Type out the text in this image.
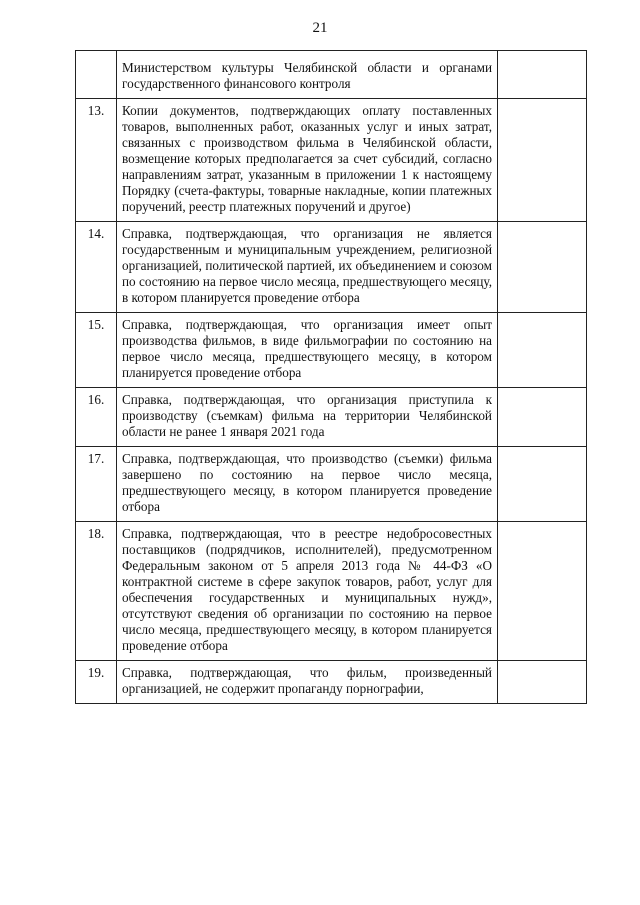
21
	Министерством культуры Челябинской области и органами государственного финансового контроля	
13.	Копии документов, подтверждающих оплату поставленных товаров, выполненных работ, оказанных услуг и иных затрат, связанных с производством фильма в Челябинской области, возмещение которых предполагается за счет субсидий, согласно направлениям затрат, указанным в приложении 1 к настоящему Порядку (счета-фактуры, товарные накладные, копии платежных поручений, реестр платежных поручений и другое)	
14.	Справка, подтверждающая, что организация не является государственным и муниципальным учреждением, религиозной организацией, политической партией, их объединением и союзом по состоянию на первое число месяца, предшествующего месяцу, в котором планируется проведение отбора	
15.	Справка, подтверждающая, что организация имеет опыт производства фильмов, в виде фильмографии по состоянию на первое число месяца, предшествующего месяцу, в котором планируется проведение отбора	
16.	Справка, подтверждающая, что организация приступила к производству (съемкам) фильма на территории Челябинской области не ранее 1 января 2021 года	
17.	Справка, подтверждающая, что производство (съемки) фильма завершено по состоянию на первое число месяца, предшествующего месяцу, в котором планируется проведение отбора	
18.	Справка, подтверждающая, что в реестре недобросовестных поставщиков (подрядчиков, исполнителей), предусмотренном Федеральным законом от 5 апреля 2013 года № 44-ФЗ «О контрактной системе в сфере закупок товаров, работ, услуг для обеспечения государственных и муниципальных нужд», отсутствуют сведения об организации по состоянию на первое число месяца, предшествующего месяцу, в котором планируется проведение отбора	
19.	Справка, подтверждающая, что фильм, произведенный организацией, не содержит пропаганду порнографии,	
